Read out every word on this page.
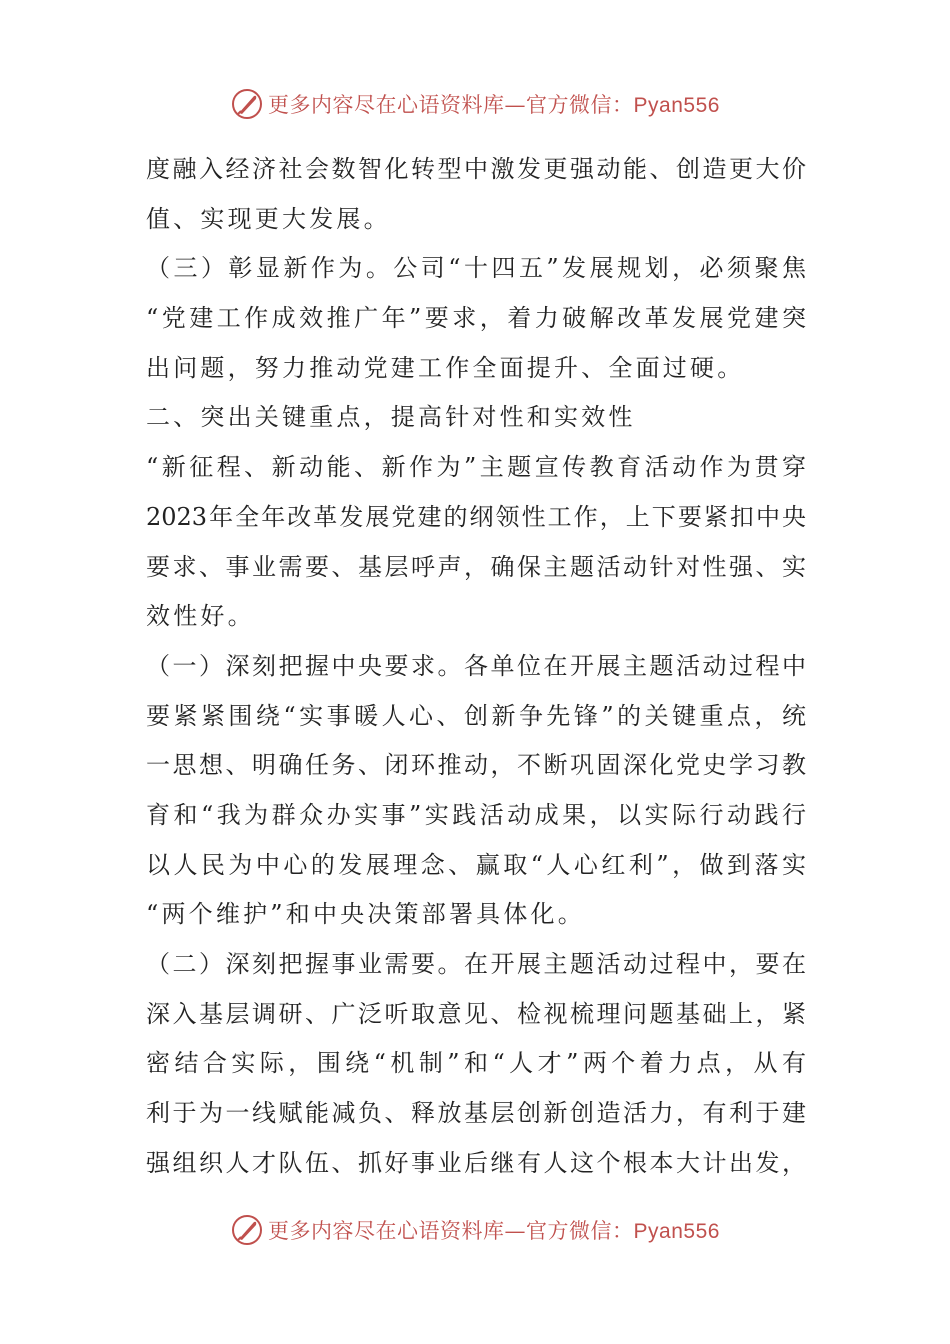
更多内容尽在心语资料库—官方微信：Pyan556
度融入经济社会数智化转型中激发更强动能、创造更大价
值、实现更大发展。
（三）彰显新作为。公司“十四五”发展规划，必须聚焦
“党建工作成效推广年”要求，着力破解改革发展党建突
出问题，努力推动党建工作全面提升、全面过硬。
二、突出关键重点，提高针对性和实效性
“新征程、新动能、新作为”主题宣传教育活动作为贯穿
2023年全年改革发展党建的纲领性工作，上下要紧扣中央
要求、事业需要、基层呼声，确保主题活动针对性强、实
效性好。
（一）深刻把握中央要求。各单位在开展主题活动过程中
要紧紧围绕“实事暖人心、创新争先锋”的关键重点，统
一思想、明确任务、闭环推动，不断巩固深化党史学习教
育和“我为群众办实事”实践活动成果，以实际行动践行
以人民为中心的发展理念、赢取“人心红利”，做到落实
“两个维护”和中央决策部署具体化。
（二）深刻把握事业需要。在开展主题活动过程中，要在
深入基层调研、广泛听取意见、检视梳理问题基础上，紧
密结合实际，围绕“机制”和“人才”两个着力点，从有
利于为一线赋能减负、释放基层创新创造活力，有利于建
强组织人才队伍、抓好事业后继有人这个根本大计出发，
更多内容尽在心语资料库—官方微信：Pyan556
